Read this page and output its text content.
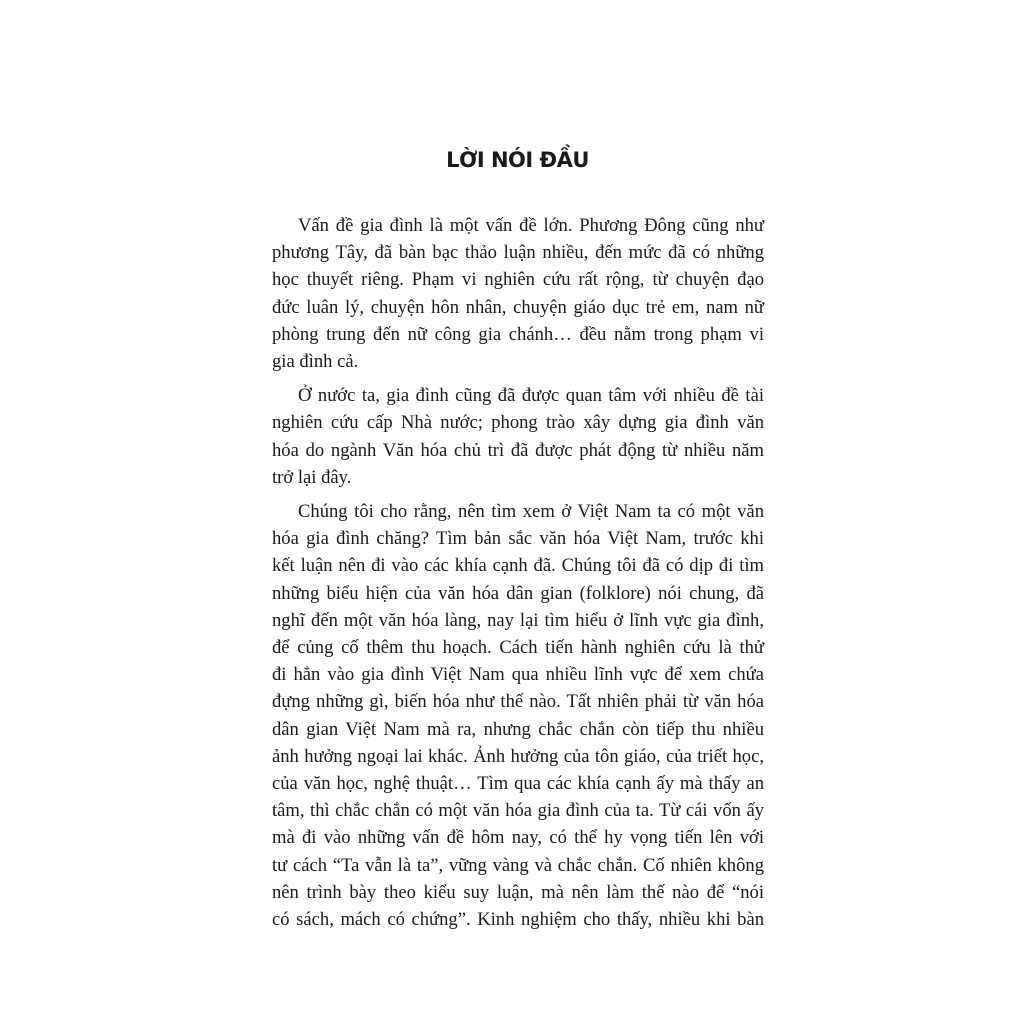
LỜI NÓI ĐẦU
Vấn đề gia đình là một vấn đề lớn. Phương Đông cũng như
phương Tây, đã bàn bạc thảo luận nhiều, đến mức đã có những
học thuyết riêng. Phạm vi nghiên cứu rất rộng, từ chuyện đạo
đức luân lý, chuyện hôn nhân, chuyện giáo dục trẻ em, nam nữ
phòng trung đến nữ công gia chánh… đều nằm trong phạm vi
gia đình cả.
Ở nước ta, gia đình cũng đã được quan tâm với nhiều đề tài
nghiên cứu cấp Nhà nước; phong trào xây dựng gia đình văn
hóa do ngành Văn hóa chủ trì đã được phát động từ nhiều năm
trở lại đây.
Chúng tôi cho rằng, nên tìm xem ở Việt Nam ta có một văn
hóa gia đình chăng? Tìm bản sắc văn hóa Việt Nam, trước khi
kết luận nên đi vào các khía cạnh đã. Chúng tôi đã có dịp đi tìm
những biểu hiện của văn hóa dân gian (folklore) nói chung, đã
nghĩ đến một văn hóa làng, nay lại tìm hiểu ở lĩnh vực gia đình,
để củng cố thêm thu hoạch. Cách tiến hành nghiên cứu là thử
đi hẳn vào gia đình Việt Nam qua nhiều lĩnh vực để xem chứa
đựng những gì, biến hóa như thế nào. Tất nhiên phải từ văn hóa
dân gian Việt Nam mà ra, nhưng chắc chắn còn tiếp thu nhiều
ảnh hưởng ngoại lai khác. Ảnh hưởng của tôn giáo, của triết học,
của văn học, nghệ thuật… Tìm qua các khía cạnh ấy mà thấy an
tâm, thì chắc chắn có một văn hóa gia đình của ta. Từ cái vốn ấy
mà đi vào những vấn đề hôm nay, có thể hy vọng tiến lên với
tư cách “Ta vẫn là ta”, vững vàng và chắc chắn. Cố nhiên không
nên trình bày theo kiểu suy luận, mà nên làm thế nào để “nói
có sách, mách có chứng”. Kinh nghiệm cho thấy, nhiều khi bàn
